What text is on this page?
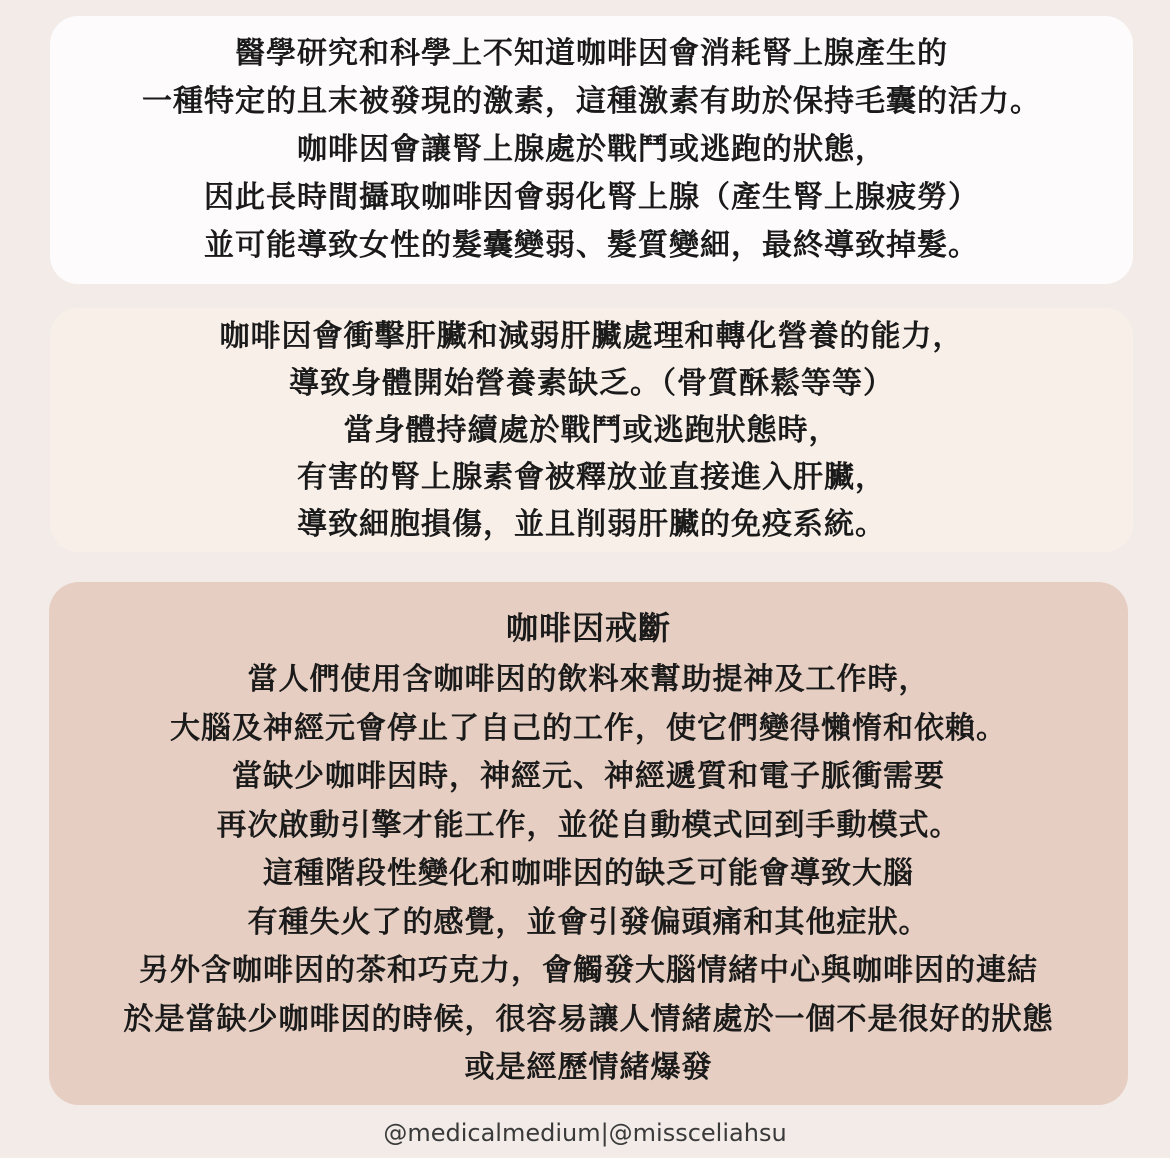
醫學研究和科學上不知道咖啡因會消耗腎上腺產生的
一種特定的且末被發現的激素，這種激素有助於保持毛囊的活力。
咖啡因會讓腎上腺處於戰鬥或逃跑的狀態，
因此長時間攝取咖啡因會弱化腎上腺（產生腎上腺疲勞）
並可能導致女性的髮囊變弱、髮質變細，最終導致掉髮。
咖啡因會衝擊肝臟和減弱肝臟處理和轉化營養的能力，
導致身體開始營養素缺乏。（骨質酥鬆等等）
當身體持續處於戰鬥或逃跑狀態時，
有害的腎上腺素會被釋放並直接進入肝臟，
導致細胞損傷，並且削弱肝臟的免疫系統。
咖啡因戒斷
當人們使用含咖啡因的飲料來幫助提神及工作時，
大腦及神經元會停止了自己的工作，使它們變得懶惰和依賴。
當缺少咖啡因時，神經元、神經遞質和電子脈衝需要
再次啟動引擎才能工作，並從自動模式回到手動模式。
這種階段性變化和咖啡因的缺乏可能會導致大腦
有種失火了的感覺，並會引發偏頭痛和其他症狀。
另外含咖啡因的茶和巧克力，會觸發大腦情緒中心與咖啡因的連結
於是當缺少咖啡因的時候，很容易讓人情緒處於一個不是很好的狀態
或是經歷情緒爆發
@medicalmedium|@missceliahsu
